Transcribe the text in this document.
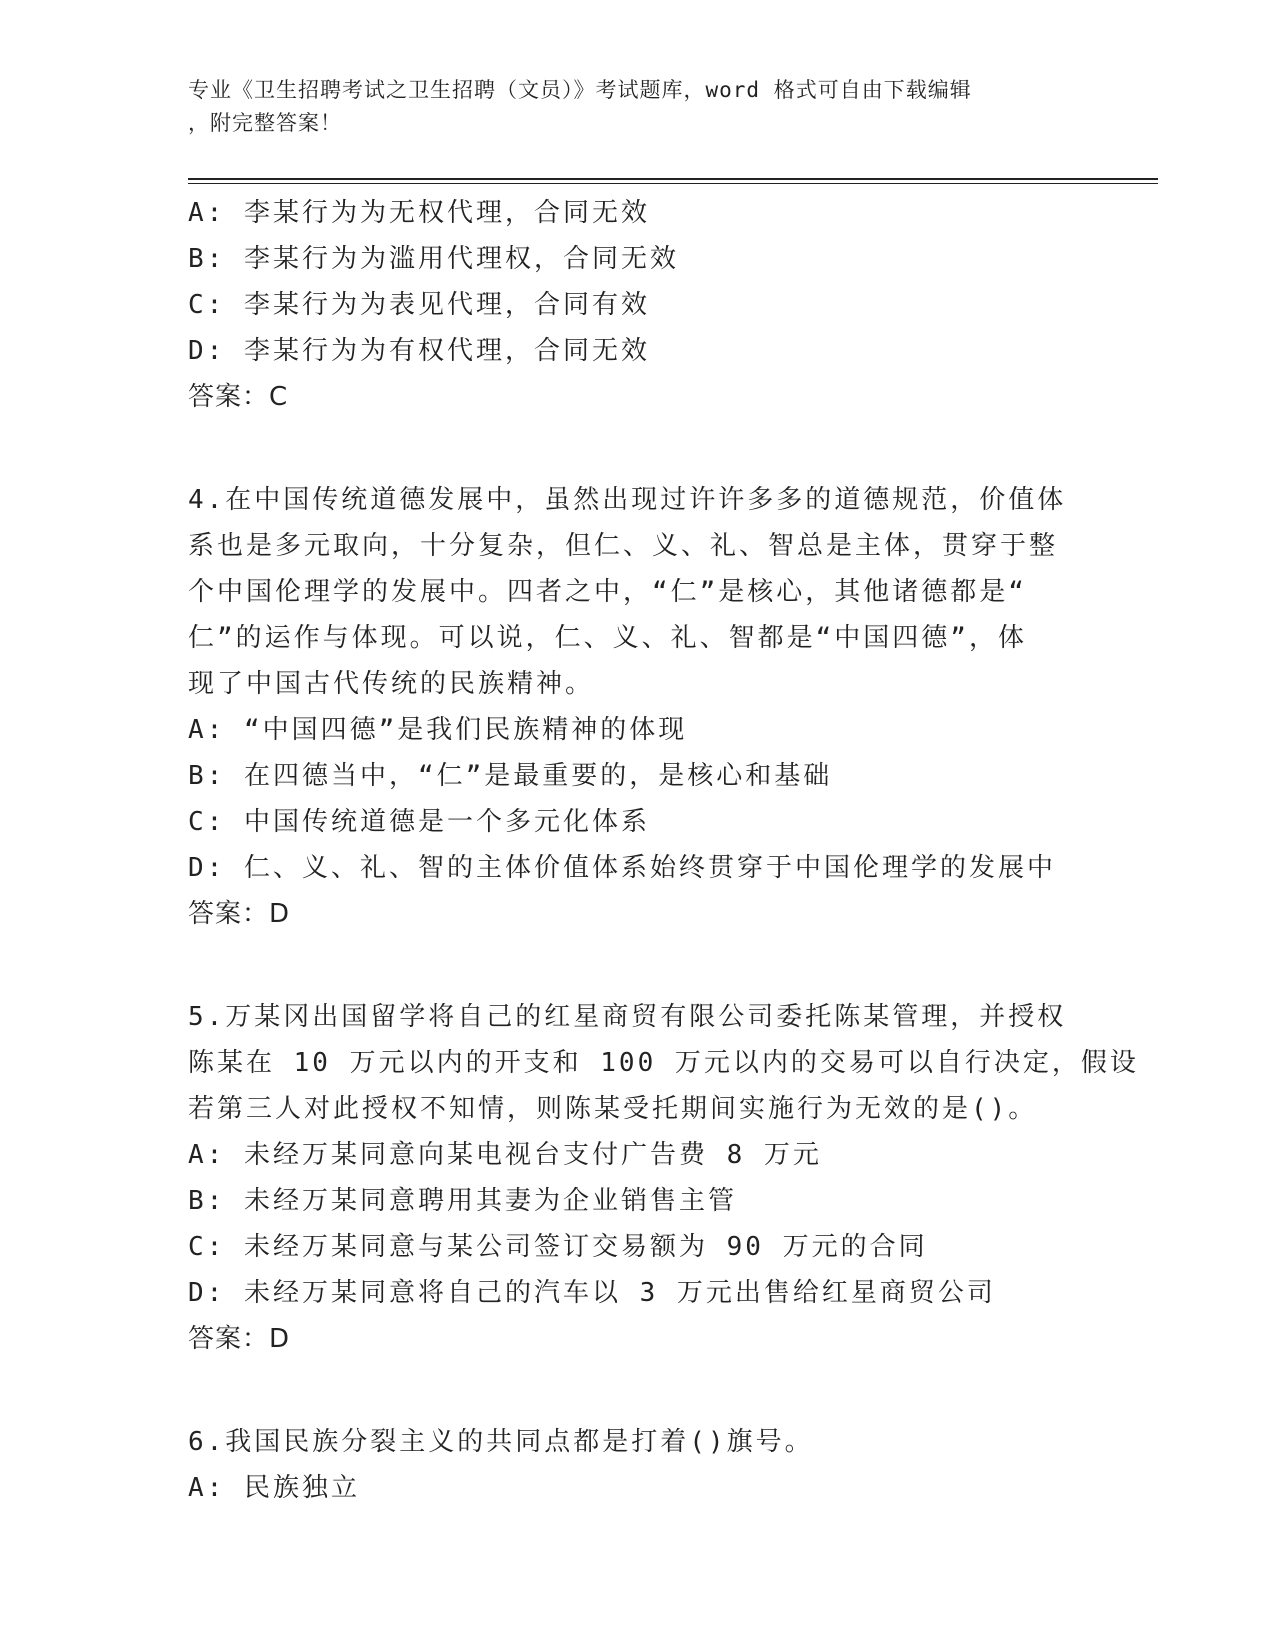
专业《卫生招聘考试之卫生招聘（文员）》考试题库，word 格式可自由下载编辑
，附完整答案！
A: 李某行为为无权代理，合同无效
B: 李某行为为滥用代理权，合同无效
C: 李某行为为表见代理，合同有效
D: 李某行为为有权代理，合同无效
答案：C
4.在中国传统道德发展中，虽然出现过许许多多的道德规范，价值体
系也是多元取向，十分复杂，但仁、义、礼、智总是主体，贯穿于整
个中国伦理学的发展中。四者之中，“仁”是核心，其他诸德都是“
仁”的运作与体现。可以说，仁、义、礼、智都是“中国四德”，体
现了中国古代传统的民族精神。
A: “中国四德”是我们民族精神的体现
B: 在四德当中，“仁”是最重要的，是核心和基础
C: 中国传统道德是一个多元化体系
D: 仁、义、礼、智的主体价值体系始终贯穿于中国伦理学的发展中
答案：D
5.万某冈出国留学将自己的红星商贸有限公司委托陈某管理，并授权
陈某在 10 万元以内的开支和 100 万元以内的交易可以自行决定，假设
若第三人对此授权不知情，则陈某受托期间实施行为无效的是()。
A: 未经万某同意向某电视台支付广告费 8 万元
B: 未经万某同意聘用其妻为企业销售主管
C: 未经万某同意与某公司签订交易额为 90 万元的合同
D: 未经万某同意将自己的汽车以 3 万元出售给红星商贸公司
答案：D
6.我国民族分裂主义的共同点都是打着()旗号。
A: 民族独立
